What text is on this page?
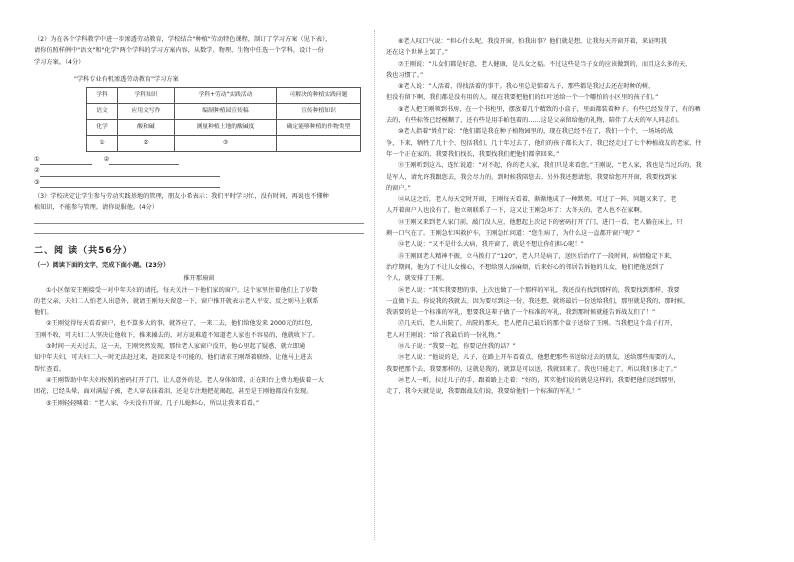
（2）为在各个学科教学中进一步渗透劳动教育，学校结合"种植"劳动特色课程，制订了学习方案（见下表），

请你仿照样例中"语文"和"化学"两个学科的学习方案内容，从数学、物理、生物中任选一个学科，设计一份

学习方案。（4分）

"学科专业有机渗透劳动教育"学习方案

学科	学科知识	学科+劳动"实践活动	可解决的种植实践问题
语文	应用文写作	编制种植园宣传稿	宣传种植知识
化学	酸和碱	测量种植土地的酸碱度	确定能够种植的作物类型
①	②	③	

①	②

②

③

（3）学校决定让学生参与劳动实践基地的管理，朋友小希表示：我们平时学习忙，没有时间，再说也不懂种

植知识，不能参与管理。请你说服他。(4分）

二、阅 读（共56分）

（一）阅读下面的文字，完成下面小题。(23分）

推开那扇窗

①小区保安王刚接受一对中年夫妇的请托，每天关注一下他们家的窗户。这个家里住着他们上了岁数

的老父亲，夫妇二人怕老人出意外，就请王刚每天留意一下，窗户推开就表示老人平安，反之则马上联系

他们。

②王刚觉得每天看看窗户，也不算多大的事，就答应了，一来二去，他们给他发来 2000元的红包，

王刚不收，可夫妇二人坚决让他收下，推来搡去的，对方说难道不知道老人家也不容易的，他就收下了。

③时间一天天过去，这一天，王刚突然发现，那位老人家窗户没开，他心里起了疑惑，就立即通

知中年夫妇，可夫妇二人一时无法赶过来，赶回来是不可能的，他们请求王刚帮着联络，让他马上进去

帮忙查看。

④王刚帮助中年夫妇按照的密码打开了门，让人意外的是，老人身体如常，正在阳台上费力地拔着一大

团花，已经头晕，面对满屋子被，老人穿衣抹着泪，还是专注地把花揭起，甚至是王刚他都没有发现。

⑤王刚轻轻喊着：“老人家，今天没有开窗，几子儿媳担心，所以让我来看看。”

⑥老人叹口气说：“担心什么呢，我没开窗，怕我出事？他们就是想，让我每天开窗开着，来证明我

还在这个世界上罢了。”

⑦王刚说：“儿女们都是好意，老人健康，是儿女之福。不过这些是当子女的应该做到的，而且这么多的天，

我也习惯了。”

⑧老人说：“人活着，得找活着的事干。我心里总是惦着儿子，那些都是我过去还在时种的树，

但没有留下啊，我们都是没有用的人，现在我要把他们的红叶送给一个一个哪怕的小区里的孩子们。”

⑨老人把王刚领到书房，在一个书柜里，摆放着几个精致的小盒子，里面都装着种子。有些已经发芽了，有的晒

去的，有些标签已经模糊了，还有些是用手帕包着的……这是父亲留给他的礼物，陪伴了大天的军人同志们。

⑩老人指着“姓们”说：“他们都是我在种子植物园里的，现在我已经不在了，我们一个个，一场场的战

争，下来，牺牲了几十个，包括我们，几十年过去了，他们的孩子都长大了，我已经走过了七个种植战友的老家，往

年一个正在家的，我要我们找长，我要找我们把他们都拿回来。”

⑪王刚听到这儿，连忙说道：“对不起，你的老人家，我们只是来看您。”王刚说，“老人家，我也是当过兵的，我

是军人，请允许我跟您去，我会尽力的，到时候我陪您去。另外我还想请您，我要给您开开窗，我要找到家

的窗户。”

⑫从这之后，老人每天定时开窗，王刚每天看着，渐渐地成了一种默契。可过了一阵，问题又来了，老

人开着窗户人也没有了，他立刻联系了一下，这又让王刚急坏了：大冬天的，老人也不在家啊。

⑬王刚又来到老人家门前，敲门没人应，他想起上次记下的密码打开了门，进门一看，老人躺在床上，只

剩一口气在了。王刚急忙叫救护车，王刚急忙问道：“您生病了，为什么这一直都开窗户呢？”

⑭老人说：“又不是什么大病，我开窗了，就是不想让你们担心呢！”

⑮王刚回老人精神不振，立马拨打了“120”，老人只是病了，送医后治疗了一段时间，病情稳定下来，

治疗期间，他为了不让儿女操心，不想给别人添麻烦，后来好心的邻居告诉他的儿女，他们把他送到了

个人，就安排了王刚。

⑯老人说：“其实我要想的事，上次也做了一个那样的军礼，我还没有找到那样的，我要找到那样，我要

一直做下去。你说我的我就去。因为要尽到这一份，我还想，就将最后一份送给我们，那里就是我的，那时候，

我需要的是一个标准的军礼，想要我这辈子做了一个标准的军礼，我到那时候就能告诉战友们了！”

⑰几天后，老人出院了，出院的那天，老人把自己最后的那个盒子送给了王刚。当我把这个盒子打开，

老人对王刚说：“给了我最后的一份礼物。”

⑱儿子说：“我要一起，你要记住我的话？”

⑲老人说：“他说的是，儿子，在路上开车看着点，他想把那些书送给过去的朋友，送给那些需要的人，

我要把那个去，我要那样的，这就是我的，就算是可以送，我就回来了。我也只能走了，所以我们多走了。”

⑳老人一听，拉过儿子的手，跟着路上走着：“好的，其实他们说的就是这样的，我要把他们送到那里，

走了，我今天就是说，我要跟战友们说，我要给他们一个标准的军礼！”
